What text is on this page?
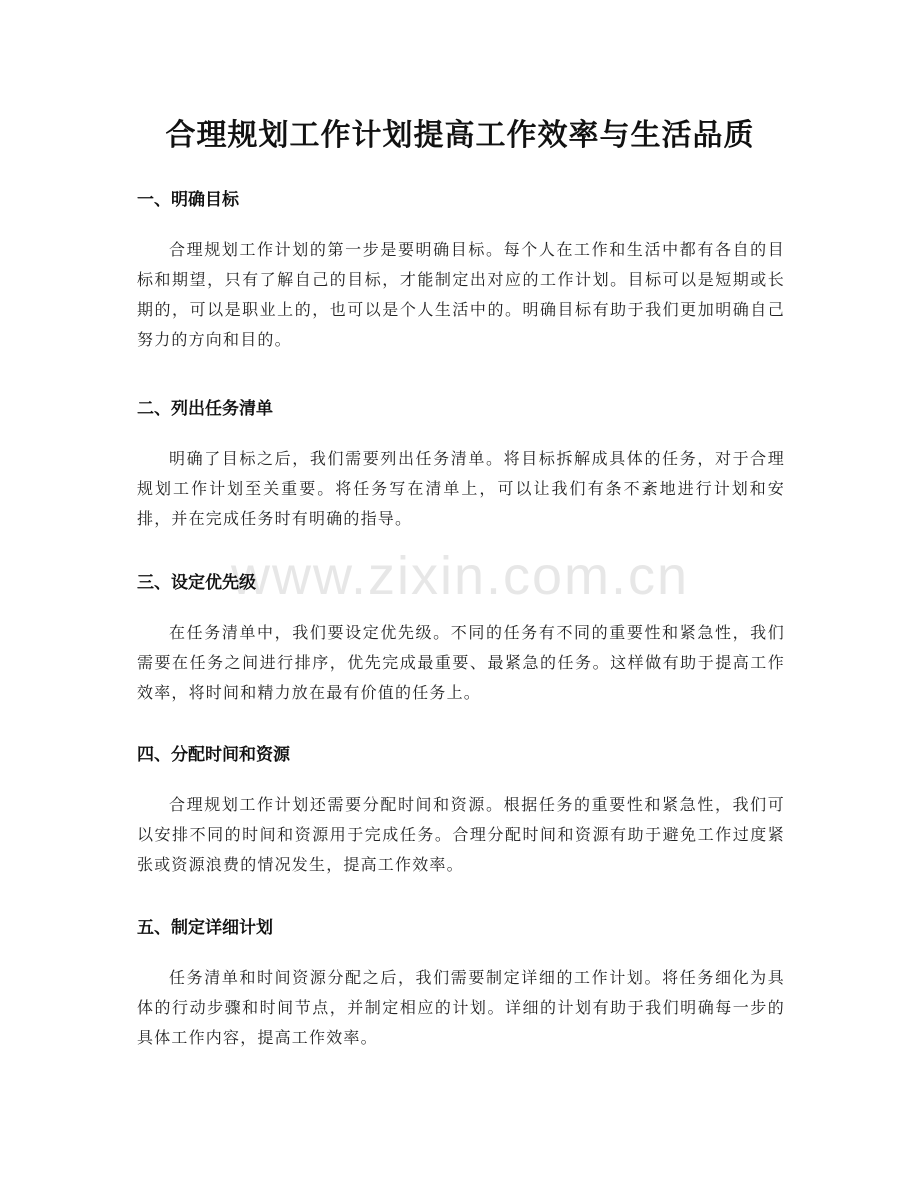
合理规划工作计划提高工作效率与生活品质
www.zixin.com.cn
一、明确目标

合理规划工作计划的第一步是要明确目标。每个人在工作和生活中都有各自的目标和期望，只有了解自己的目标，才能制定出对应的工作计划。目标可以是短期或长期的，可以是职业上的，也可以是个人生活中的。明确目标有助于我们更加明确自己努力的方向和目的。

二、列出任务清单

明确了目标之后，我们需要列出任务清单。将目标拆解成具体的任务，对于合理规划工作计划至关重要。将任务写在清单上，可以让我们有条不紊地进行计划和安排，并在完成任务时有明确的指导。

三、设定优先级

在任务清单中，我们要设定优先级。不同的任务有不同的重要性和紧急性，我们需要在任务之间进行排序，优先完成最重要、最紧急的任务。这样做有助于提高工作效率，将时间和精力放在最有价值的任务上。

四、分配时间和资源

合理规划工作计划还需要分配时间和资源。根据任务的重要性和紧急性，我们可以安排不同的时间和资源用于完成任务。合理分配时间和资源有助于避免工作过度紧张或资源浪费的情况发生，提高工作效率。

五、制定详细计划

任务清单和时间资源分配之后，我们需要制定详细的工作计划。将任务细化为具体的行动步骤和时间节点，并制定相应的计划。详细的计划有助于我们明确每一步的具体工作内容，提高工作效率。
